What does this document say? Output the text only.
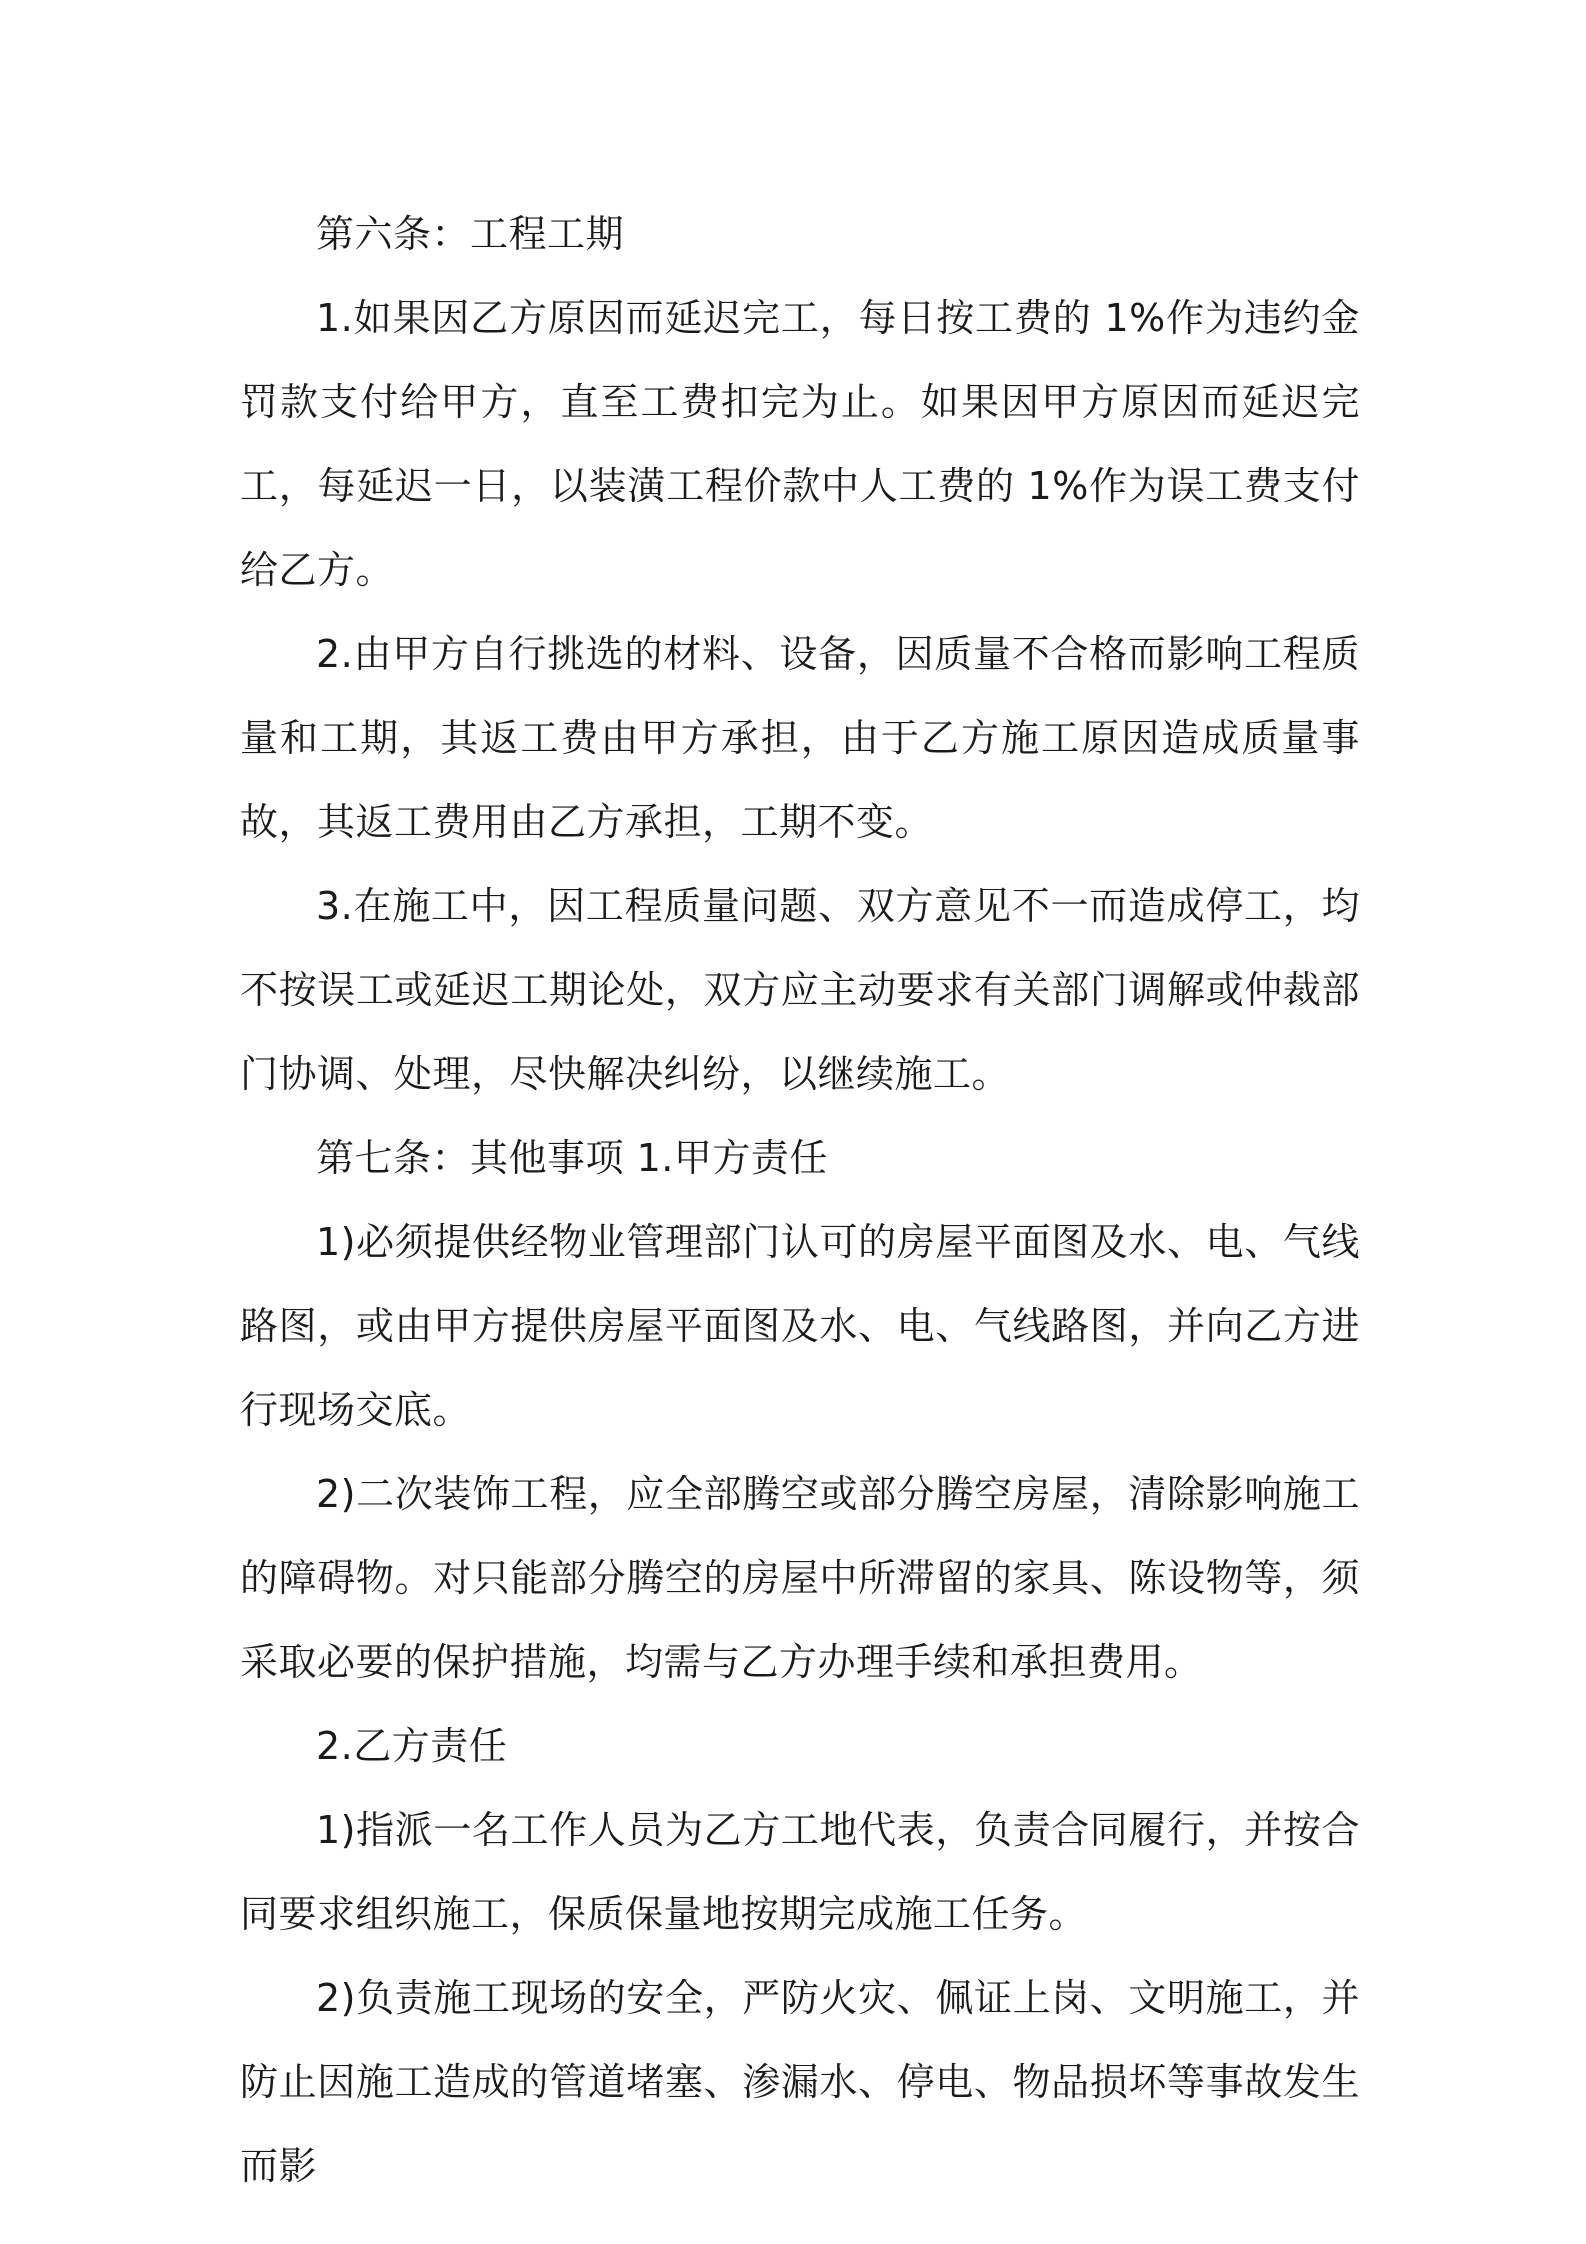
第六条：工程工期

1.如果因乙方原因而延迟完工，每日按工费的 1%作为违约金罚款支付给甲方，直至工费扣完为止。如果因甲方原因而延迟完工，每延迟一日，以装潢工程价款中人工费的 1%作为误工费支付给乙方。

2.由甲方自行挑选的材料、设备，因质量不合格而影响工程质量和工期，其返工费由甲方承担，由于乙方施工原因造成质量事故，其返工费用由乙方承担，工期不变。

3.在施工中，因工程质量问题、双方意见不一而造成停工，均不按误工或延迟工期论处，双方应主动要求有关部门调解或仲裁部门协调、处理，尽快解决纠纷，以继续施工。

第七条：其他事项 1.甲方责任

1)必须提供经物业管理部门认可的房屋平面图及水、电、气线路图，或由甲方提供房屋平面图及水、电、气线路图，并向乙方进行现场交底。

2)二次装饰工程，应全部腾空或部分腾空房屋，清除影响施工的障碍物。对只能部分腾空的房屋中所滞留的家具、陈设物等，须采取必要的保护措施，均需与乙方办理手续和承担费用。

2.乙方责任

1)指派一名工作人员为乙方工地代表，负责合同履行，并按合同要求组织施工，保质保量地按期完成施工任务。

2)负责施工现场的安全，严防火灾、佩证上岗、文明施工，并防止因施工造成的管道堵塞、渗漏水、停电、物品损坏等事故发生而影
